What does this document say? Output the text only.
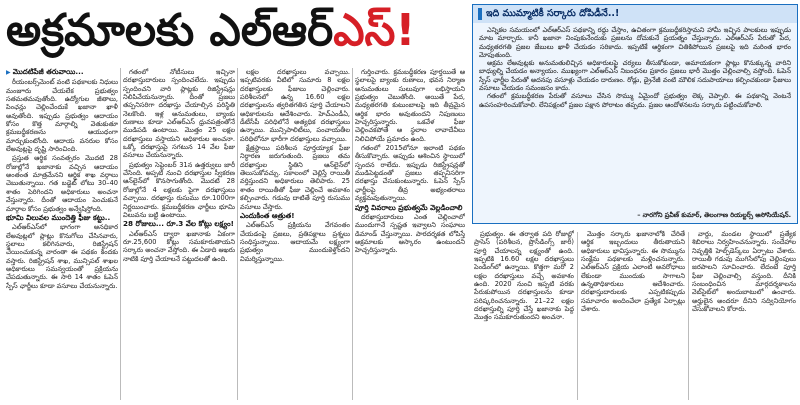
అక్రమాలకు ఎల్‌ఆర్‌ఎస్‌!

▶ మొదటిపేజీ తరువాయి...

రీయంబర్స్‌మెంట్‌ వంటి పథకాలకు నిధులు మంజూరు చేయలేక ప్రభుత్వం సతమతమవుతోంది. ఉద్యోగుల జీతాలు, పింఛన్లు చెల్లించేందుకే ఖజానా ఖాళీ అవుతోంది. ఇప్పుడు ప్రభుత్వం ఆదాయం కోసం కొత్త మార్గాల్ని వెతుకుతూ క్రమబద్ధీకరణను ఆయుధంగా మార్చుకుంటోంది. ఆదాయ వనరుల కోసం లేఅవుట్లపై దృష్టి సారించింది.

ప్రస్తుత ఆర్థిక సంవత్సరం మొదటి 28 రోజుల్లోనే ఖజానాకు వచ్చిన ఆదాయం అంతంత మాత్రమేనని ఆర్థిక శాఖ వర్గాలు చెబుతున్నాయి. గత బడ్జెట్‌ లోటు 30–40 శాతం పెరిగిందని అధికారులు అంచనా వేస్తున్నారు. దీంతో ఆదాయం పెంచుకునే మార్గాల కోసం ప్రభుత్వం అన్వేషిస్తోంది.

భూమి విలువల ముందెత్తి ఫీజు కట్టు..

ఎల్‌ఆర్‌ఎస్‌లో భాగంగా అనధికార లేఅవుట్లలో ప్లాట్లు కొనుగోలు చేసినవారు, స్థలాలు కలిగినవారు, రిజిస్ట్రేషన్‌ చేయించుకున్న వారంతా ఈ పథకం కిందకు వస్తారు. రిజిస్ట్రేషన్‌ శాఖ, మున్సిపల్‌ శాఖల అధికారులు సమన్వయంతో ప్రక్రియను చేపడుతున్నారు. ఈ సారి 14 శాతం ఓపెన్‌ స్పేస్‌ ఛార్జీలు కూడా వసూలు చేయనున్నారు.

గతంలో నోటీసులు ఇచ్చినా దరఖాస్తుదారులు స్పందించలేదు. ఇప్పుడు స్పందించని వారి ప్లాట్లకు రిజిస్ట్రేషన్లు నిలిపివేయనున్నారు. దీంతో ప్రజలు తప్పనిసరిగా దరఖాస్తు చేయాల్సిన పరిస్థితి నెలకొంది. ఇళ్ల అనుమతులు, బ్యాంకు రుణాలు కూడా ఎల్‌ఆర్‌ఎస్‌ ధ్రువపత్రంతోనే ముడిపడి ఉంటాయి. మొత్తం 25 లక్షల దరఖాస్తులు వస్తాయని అధికారుల అంచనా. ఒక్కో దరఖాస్తుపై సగటున 14 వేల ఫీజు వసూలు చేయనున్నారు.

ప్రభుత్వం సెప్టెంబర్‌ 31న ఉత్తర్వులు జారీ చేసింది. అప్పటి నుంచి దరఖాస్తుల స్వీకరణ ఆన్‌లైన్‌లో కొనసాగుతోంది. మొదటి 28 రోజుల్లోనే 4 లక్షలకు పైగా దరఖాస్తులు వచ్చాయి. దరఖాస్తు రుసుము రూ.1000గా నిర్ణయించారు. క్రమబద్ధీకరణ ఛార్జీలు భూమి విలువను బట్టి ఉంటాయి.

28 రోజులు... రూ.3 వేల కోట్లు లక్ష్యం!

ఎల్‌ఆర్‌ఎస్‌ ద్వారా ఖజానాకు ఏకంగా రూ.25,600 కోట్లు సమకూరుతాయని సర్కారు అంచనా వేస్తోంది. ఈ ఏడాది ఆఖరు నాటికి పూర్తి చేయాలనే పట్టుదలతో ఉంది.

లక్షల దరఖాస్తులు వచ్చాయి. ఇప్పటివరకు వీటిలో సుమారు 8 లక్షల దరఖాస్తులకు ఫీజులు చెల్లించారు. పరిశీలనలో ఉన్న 16.60 లక్షల దరఖాస్తులను త్వరితగతిన పూర్తి చేయాలని అధికారులను ఆదేశించారు. హెచ్‌ఎండీఏ, డీటీసీపీ పరిధిలోనే అత్యధిక దరఖాస్తులు ఉన్నాయి. మున్సిపాలిటీలు, పంచాయతీల పరిధిలోనూ భారీగా దరఖాస్తులు వచ్చాయి.

క్షేత్రస్థాయి పరిశీలన పూర్తయ్యాక ఫీజు నిర్ధారణ జరుగుతుంది. ప్రజలు తమ దరఖాస్తుల స్థితిని ఆన్‌లైన్‌లో తెలుసుకోవచ్చు. సకాలంలో చెల్లిస్తే రాయితీ వర్తిస్తుందని అధికారులు తెలిపారు. 25 శాతం రాయితీతో ఫీజు చెల్లించే అవకాశం కల్పించారు. గడువు దాటితే పూర్తి రుసుము వసూలు చేస్తారు.

ఎందుకింత ఆత్రుత!

ఎల్‌ఆర్‌ఎస్‌ ప్రక్రియను వేగవంతం చేయడంపై ప్రజలు, ప్రతిపక్షాలు ప్రశ్నలు సంధిస్తున్నాయి. ఆదాయమే లక్ష్యంగా ప్రభుత్వం ముందుకెళ్తోందని విమర్శిస్తున్నాయి.

గుర్తించారు. క్రమబద్ధీకరణ పూర్తయితే ఆ స్థలాలపై బ్యాంకు రుణాలు, భవన నిర్మాణ అనుమతులు సులువుగా లభిస్తాయని ప్రభుత్వం చెబుతోంది. అయితే పేద, మధ్యతరగతి కుటుంబాలపై ఇది తీవ్రమైన ఆర్థిక భారం అవుతుందని నిపుణులు హెచ్చరిస్తున్నారు. ఒకవేళ ఫీజు చెల్లించకపోతే ఆ స్థలాల లావాదేవీలు నిలిచిపోయే ప్రమాదం ఉంది.

గతంలో 2015లోనూ ఇలాంటి పథకం తీసుకొచ్చారు. అప్పుడు ఆశించిన స్థాయిలో స్పందన రాలేదు. ఇప్పుడు రిజిస్ట్రేషన్లతో ముడిపెట్టడంతో ప్రజలు తప్పనిసరిగా దరఖాస్తు చేసుకుంటున్నారు. ఓపెన్‌ స్పేస్‌ ఛార్జీలపై తీవ్ర అభ్యంతరాలు వ్యక్తమవుతున్నాయి.

పూర్తి వివరాలు ప్రభుత్వమే వెల్లడించాలి

దరఖాస్తుదారులు ఎంత చెల్లించాలో ముందుగానే స్పష్టత ఇవ్వాలని సంఘాలు డిమాండ్‌ చేస్తున్నాయి. పారదర్శకత లోపిస్తే అక్రమాలకు ఆస్కారం ఉంటుందని హెచ్చరిస్తున్నారు.

ఇది ముమ్మాటికీ సర్కారు దోపిడీనే..!

ఎన్నికల సమయంలో ఎల్‌ఆర్‌ఎస్‌ పథకాన్ని రద్దు చేస్తాం, ఉచితంగా క్రమబద్ధీకరిస్తామని హామీ ఇచ్చిన పాలకులు ఇప్పుడు మాట మార్చారు. కానీ ఖజానా నింపుకునేందుకు ప్రజలను దోచుకునే ప్రయత్నం చేస్తున్నారు. ఎల్‌ఆర్‌ఎస్‌ పేరుతో పేద, మధ్యతరగతి ప్రజల జేబులు ఖాళీ చేయడం సరికాదు. ఇప్పటికే ఆర్థికంగా చితికిపోయిన ప్రజలపై ఇది మరింత భారం మోపుతుంది.

అక్రమ లేఅవుట్లకు అనుమతులిచ్చిన అధికారులపై చర్యలు తీసుకోకుండా, అమాయకంగా ప్లాట్లు కొనుక్కున్న వారిని బాధ్యుల్ని చేయడం అన్యాయం. ముఖ్యంగా ఎల్‌ఆర్‌ఎస్‌ నిబంధనల ప్రకారం ప్రజలు భారీ మొత్తం చెల్లించాల్సి వస్తోంది. ఓపెన్‌ స్పేస్‌ ఛార్జీల పేరుతో అదనపు వసూళ్లు చేయడం దారుణం. రోడ్లు, డ్రైనేజీ వంటి మౌలిక సదుపాయాలు కల్పించకుండా ఫీజులు వసూలు చేయడం సమంజసం కాదు.

గతంలో క్రమబద్ధీకరణ పేరుతో వసూలు చేసిన సొమ్ము ఏమైందో ప్రభుత్వం లెక్క చెప్పాలి. ఈ పథకాన్ని వెంటనే ఉపసంహరించుకోవాలి. లేనిపక్షంలో ప్రజల పక్షాన పోరాటం తప్పదు. ప్రజల ఆందోళనలను సర్కారు పట్టించుకోవాలి.

– నారగోని ప్రవీణ్‌ కుమార్‌, తెలంగాణ రియల్టర్స్‌ అసోసియేషన్‌.

ప్రభుత్వం. ఈ తర్వాత పది రోజుల్లో ప్రాసెస్‌ (పరిశీలన, ప్రొసీడింగ్స్‌ జారీ) పూర్తి చేయాలన్న లక్ష్యంతో ఉంది. ఇప్పటికి 16.60 లక్షల దరఖాస్తులు పెండింగ్‌లో ఉన్నాయి. కొత్తగా మరో 2 లక్షల దరఖాస్తులు వచ్చే అవకాశం ఉంది. 2020 నుంచి ఇప్పటి వరకు పేరుకుపోయిన దరఖాస్తులను కూడా పరిష్కరించనున్నారు. 21–22 లక్షల దరఖాస్తుల్ని పూర్తి చేస్తే ఖజానాకు పెద్ద మొత్తం సమకూరుతుందని అంచనా.

మొత్తం సర్కారు ఖజానాలోకి చేరితే ఆర్థిక ఇబ్బందులు తీరుతాయని అధికారులు భావిస్తున్నారు. ఈ సొమ్మును సంక్షేమ పథకాలకు మళ్లించనున్నారు. ఎల్‌ఆర్‌ఎస్‌ ప్రక్రియ ఎలాంటి అవరోధాలు లేకుండా ముందుకు సాగాలని ఉన్నతాధికారులు ఆదేశించారు. దరఖాస్తుదారులకు ఎప్పటికప్పుడు సమాచారం అందించేలా ప్రత్యేక ఏర్పాట్లు చేశారు.

వార్డు, మండల స్థాయిలో ప్రత్యేక శిబిరాలు నిర్వహించనున్నారు. సందేహాల నివృత్తికి హెల్ప్‌డెస్క్‌లు ఏర్పాటు చేశారు. రాయితీ గడువు ముగిసేలోపు చెల్లింపులు జరపాలని సూచించారు. లేదంటే పూర్తి ఫీజు చెల్లించాల్సి వస్తుంది. దీనికి సంబంధించిన మార్గదర్శకాలను వెబ్‌సైట్‌లో అందుబాటులో ఉంచారు. అర్హులైన అందరూ దీనిని సద్వినియోగం చేసుకోవాలని కోరారు.
